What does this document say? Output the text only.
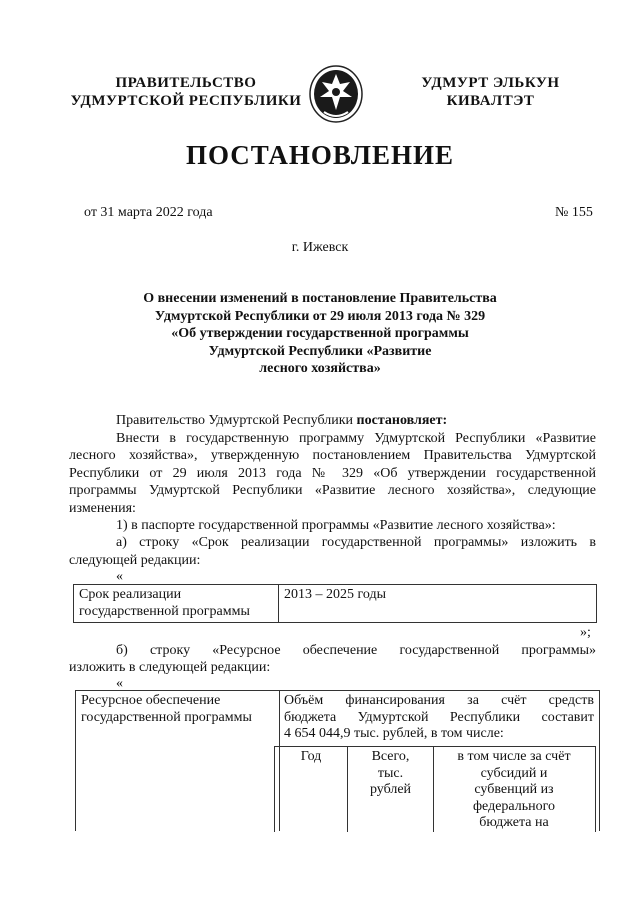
ПРАВИТЕЛЬСТВО
УДМУРТСКОЙ РЕСПУБЛИКИ
УДМУРТ ЭЛЬКУН
КИВАЛТЭТ
ПОСТАНОВЛЕНИЕ
от 31 марта 2022 года	№ 155
г. Ижевск
О внесении изменений в постановление Правительства
Удмуртской Республики от 29 июля 2013 года № 329
«Об утверждении государственной программы
Удмуртской Республики «Развитие
лесного хозяйства»
Правительство Удмуртской Республики постановляет:
Внести в государственную программу Удмуртской Республики «Развитие
лесного хозяйства», утвержденную постановлением Правительства Удмуртской
Республики от 29 июля 2013 года № 329 «Об утверждении государственной
программы Удмуртской Республики «Развитие лесного хозяйства», следующие
изменения:
1) в паспорте государственной программы «Развитие лесного хозяйства»:
а) строку «Срок реализации государственной программы» изложить в
следующей редакции:
«
Срок реализации
государственной программы
2013 – 2025 годы
»;
б) строку «Ресурсное обеспечение государственной программы»
изложить в следующей редакции:
«
Ресурсное обеспечение
государственной программы
Объём финансирования за счёт средств
бюджета Удмуртской Республики составит
4 654 044,9 тыс. рублей, в том числе:
Год	Всего,
тыс.
рублей
в том числе за счёт
субсидий и
субвенций из
федерального
бюджета на
